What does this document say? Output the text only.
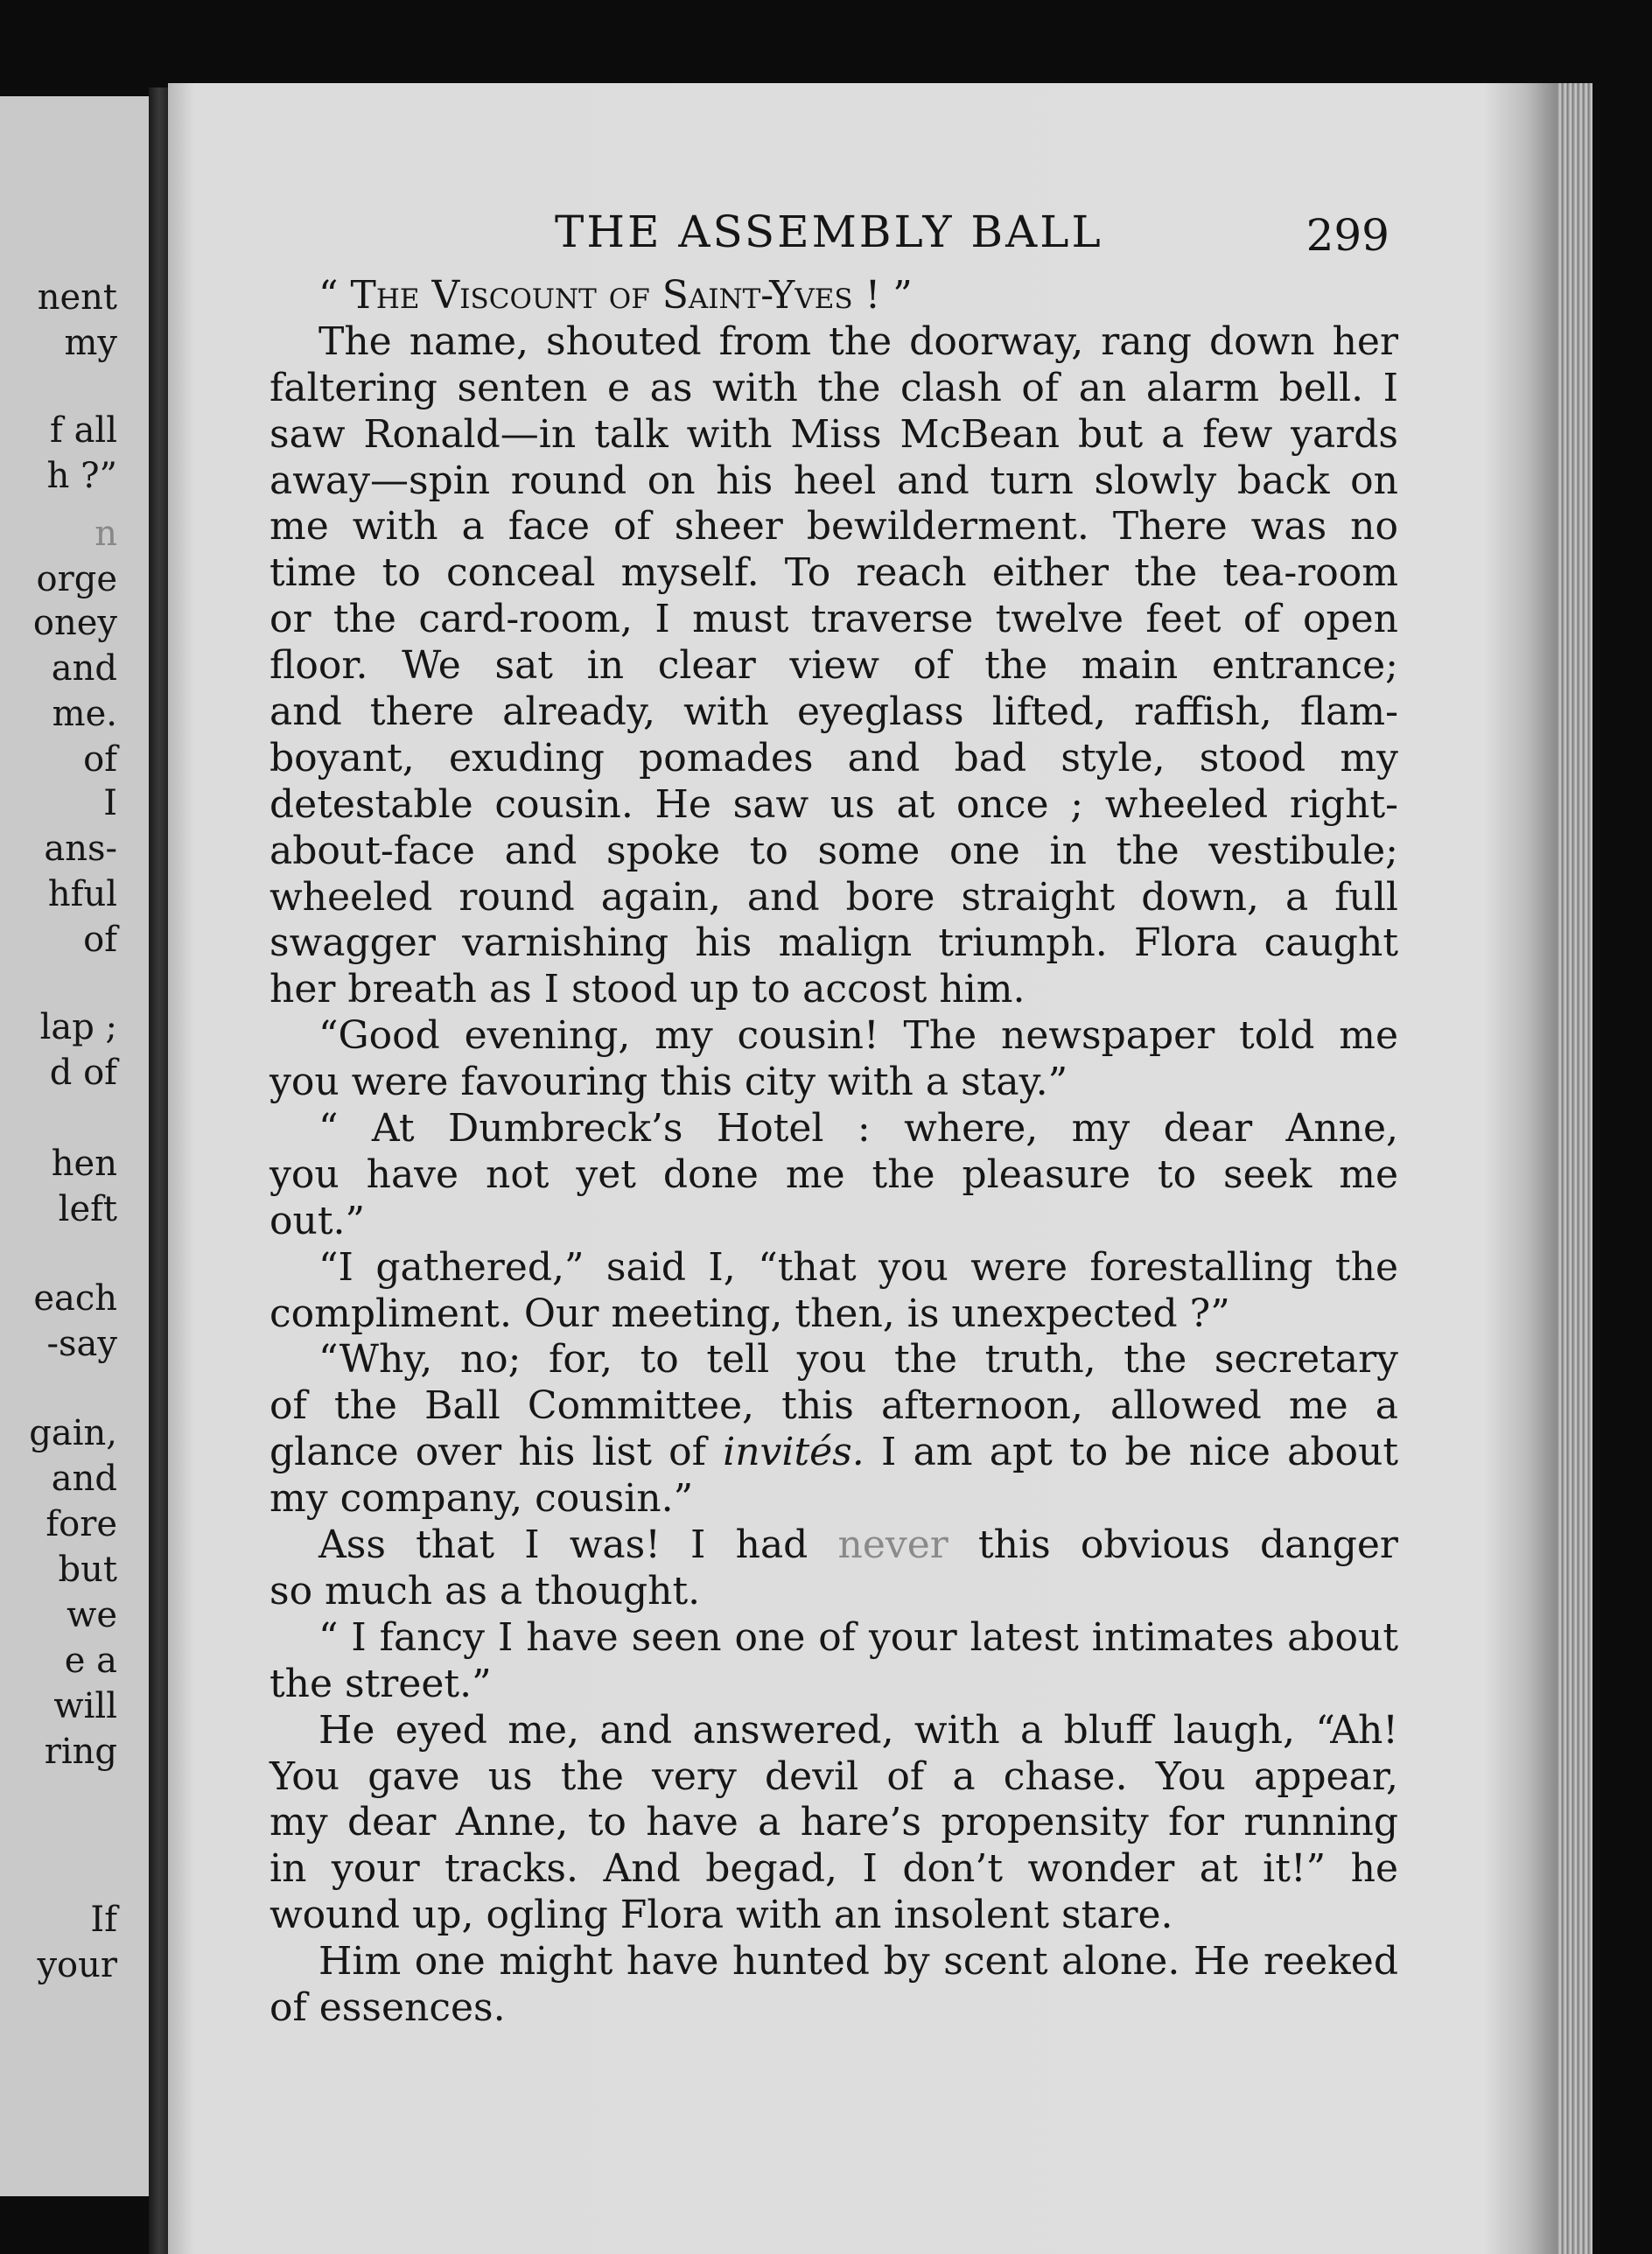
nent
my
f all
h ?”
n
orge
oney
and
me.
of
I
ans-
hful
of
lap ;
d of
hen
left
each
-say
gain,
and
fore
but
we
e a
will
ring
If
your
THE ASSEMBLY BALL	299
“ The Viscount of Saint-Yves ! ”
The name, shouted from the doorway, rang down her
faltering senten e as with the clash of an alarm bell. I
saw Ronald—in talk with Miss McBean but a few yards
away—spin round on his heel and turn slowly back on
me with a face of sheer bewilderment. There was no
time to conceal myself. To reach either the tea-room
or the card-room, I must traverse twelve feet of open
floor. We sat in clear view of the main entrance;
and there already, with eyeglass lifted, raffish, flam-
boyant, exuding pomades and bad style, stood my
detestable cousin. He saw us at once ; wheeled right-
about-face and spoke to some one in the vestibule;
wheeled round again, and bore straight down, a full
swagger varnishing his malign triumph. Flora caught
her breath as I stood up to accost him.
“Good evening, my cousin! The newspaper told me
you were favouring this city with a stay.”
“ At Dumbreck’s Hotel : where, my dear Anne,
you have not yet done me the pleasure to seek me
out.”
“I gathered,” said I, “that you were forestalling the
compliment. Our meeting, then, is unexpected ?”
“Why, no; for, to tell you the truth, the secretary
of the Ball Committee, this afternoon, allowed me a
glance over his list of invités. I am apt to be nice about
my company, cousin.”
Ass that I was! I had never this obvious danger
so much as a thought.
“ I fancy I have seen one of your latest intimates about
the street.”
He eyed me, and answered, with a bluff laugh, “Ah!
You gave us the very devil of a chase. You appear,
my dear Anne, to have a hare’s propensity for running
in your tracks. And begad, I don’t wonder at it!” he
wound up, ogling Flora with an insolent stare.
Him one might have hunted by scent alone. He reeked
of essences.
